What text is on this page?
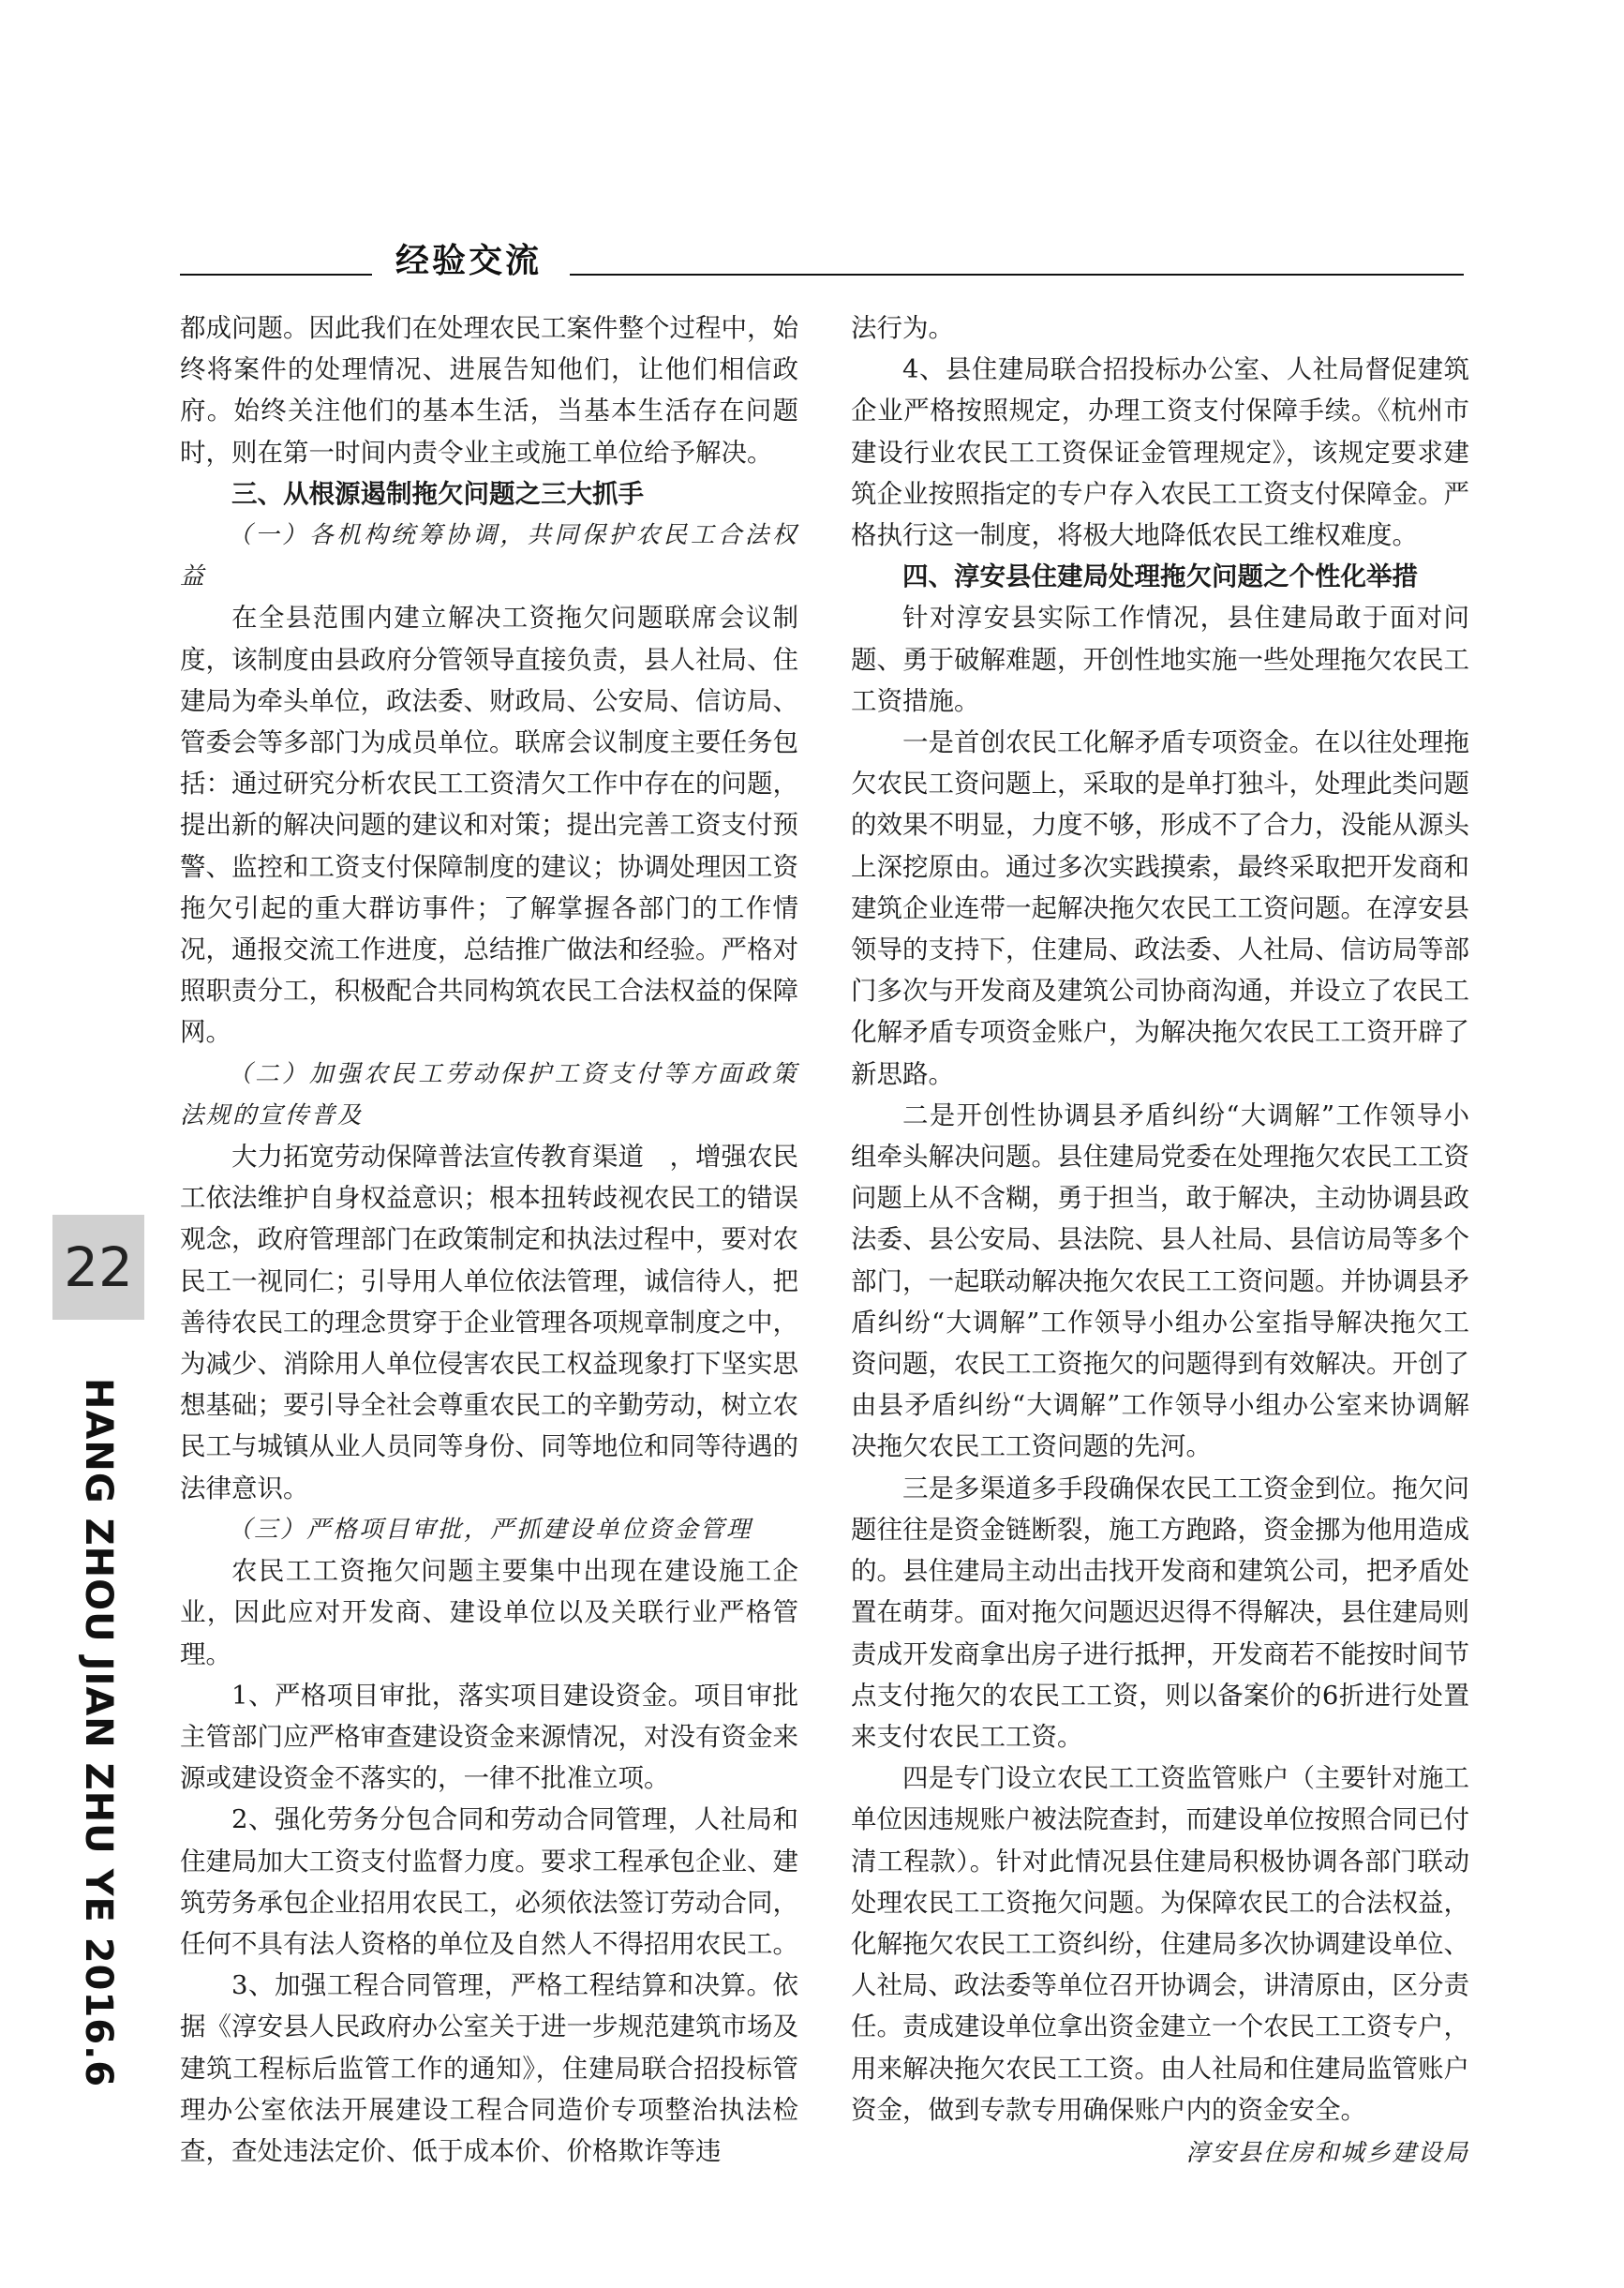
经验交流

都成问题。因此我们在处理农民工案件整个过程中，始终将案件的处理情况、进展告知他们，让他们相信政府。始终关注他们的基本生活，当基本生活存在问题时，则在第一时间内责令业主或施工单位给予解决。

三、从根源遏制拖欠问题之三大抓手

（一）各机构统筹协调，共同保护农民工合法权益

在全县范围内建立解决工资拖欠问题联席会议制度，该制度由县政府分管领导直接负责，县人社局、住建局为牵头单位，政法委、财政局、公安局、信访局、管委会等多部门为成员单位。联席会议制度主要任务包括：通过研究分析农民工工资清欠工作中存在的问题，提出新的解决问题的建议和对策；提出完善工资支付预警、监控和工资支付保障制度的建议；协调处理因工资拖欠引起的重大群访事件；了解掌握各部门的工作情况，通报交流工作进度，总结推广做法和经验。严格对照职责分工，积极配合共同构筑农民工合法权益的保障网。

（二）加强农民工劳动保护工资支付等方面政策法规的宣传普及

大力拓宽劳动保障普法宣传教育渠道　，增强农民工依法维护自身权益意识；根本扭转歧视农民工的错误观念，政府管理部门在政策制定和执法过程中，要对农民工一视同仁；引导用人单位依法管理，诚信待人，把善待农民工的理念贯穿于企业管理各项规章制度之中，为减少、消除用人单位侵害农民工权益现象打下坚实思想基础；要引导全社会尊重农民工的辛勤劳动，树立农民工与城镇从业人员同等身份、同等地位和同等待遇的法律意识。

（三）严格项目审批，严抓建设单位资金管理

农民工工资拖欠问题主要集中出现在建设施工企业，因此应对开发商、建设单位以及关联行业严格管理。

1、严格项目审批，落实项目建设资金。项目审批主管部门应严格审查建设资金来源情况，对没有资金来源或建设资金不落实的，一律不批准立项。

2、强化劳务分包合同和劳动合同管理，人社局和住建局加大工资支付监督力度。要求工程承包企业、建筑劳务承包企业招用农民工，必须依法签订劳动合同，任何不具有法人资格的单位及自然人不得招用农民工。

3、加强工程合同管理，严格工程结算和决算。依据《淳安县人民政府办公室关于进一步规范建筑市场及建筑工程标后监管工作的通知》，住建局联合招投标管理办公室依法开展建设工程合同造价专项整治执法检查，查处违法定价、低于成本价、价格欺诈等违

法行为。

4、县住建局联合招投标办公室、人社局督促建筑企业严格按照规定，办理工资支付保障手续。《杭州市建设行业农民工工资保证金管理规定》，该规定要求建筑企业按照指定的专户存入农民工工资支付保障金。严格执行这一制度，将极大地降低农民工维权难度。

四、淳安县住建局处理拖欠问题之个性化举措

针对淳安县实际工作情况，县住建局敢于面对问题、勇于破解难题，开创性地实施一些处理拖欠农民工工资措施。

一是首创农民工化解矛盾专项资金。在以往处理拖欠农民工资问题上，采取的是单打独斗，处理此类问题的效果不明显，力度不够，形成不了合力，没能从源头上深挖原由。通过多次实践摸索，最终采取把开发商和建筑企业连带一起解决拖欠农民工工资问题。在淳安县领导的支持下，住建局、政法委、人社局、信访局等部门多次与开发商及建筑公司协商沟通，并设立了农民工化解矛盾专项资金账户，为解决拖欠农民工工资开辟了新思路。

二是开创性协调县矛盾纠纷“大调解”工作领导小组牵头解决问题。县住建局党委在处理拖欠农民工工资问题上从不含糊，勇于担当，敢于解决，主动协调县政法委、县公安局、县法院、县人社局、县信访局等多个部门，一起联动解决拖欠农民工工资问题。并协调县矛盾纠纷“大调解”工作领导小组办公室指导解决拖欠工资问题，农民工工资拖欠的问题得到有效解决。开创了由县矛盾纠纷“大调解”工作领导小组办公室来协调解决拖欠农民工工资问题的先河。

三是多渠道多手段确保农民工工资金到位。拖欠问题往往是资金链断裂，施工方跑路，资金挪为他用造成的。县住建局主动出击找开发商和建筑公司，把矛盾处置在萌芽。面对拖欠问题迟迟得不得解决，县住建局则责成开发商拿出房子进行抵押，开发商若不能按时间节点支付拖欠的农民工工资，则以备案价的6折进行处置来支付农民工工资。

四是专门设立农民工工资监管账户（主要针对施工单位因违规账户被法院查封，而建设单位按照合同已付清工程款）。针对此情况县住建局积极协调各部门联动处理农民工工资拖欠问题。为保障农民工的合法权益，化解拖欠农民工工资纠纷，住建局多次协调建设单位、人社局、政法委等单位召开协调会，讲清原由，区分责任。责成建设单位拿出资金建立一个农民工工资专户，用来解决拖欠农民工工资。由人社局和住建局监管账户资金，做到专款专用确保账户内的资金安全。

淳安县住房和城乡建设局

22
HANG ZHOU JIAN ZHU YE 2016.6
